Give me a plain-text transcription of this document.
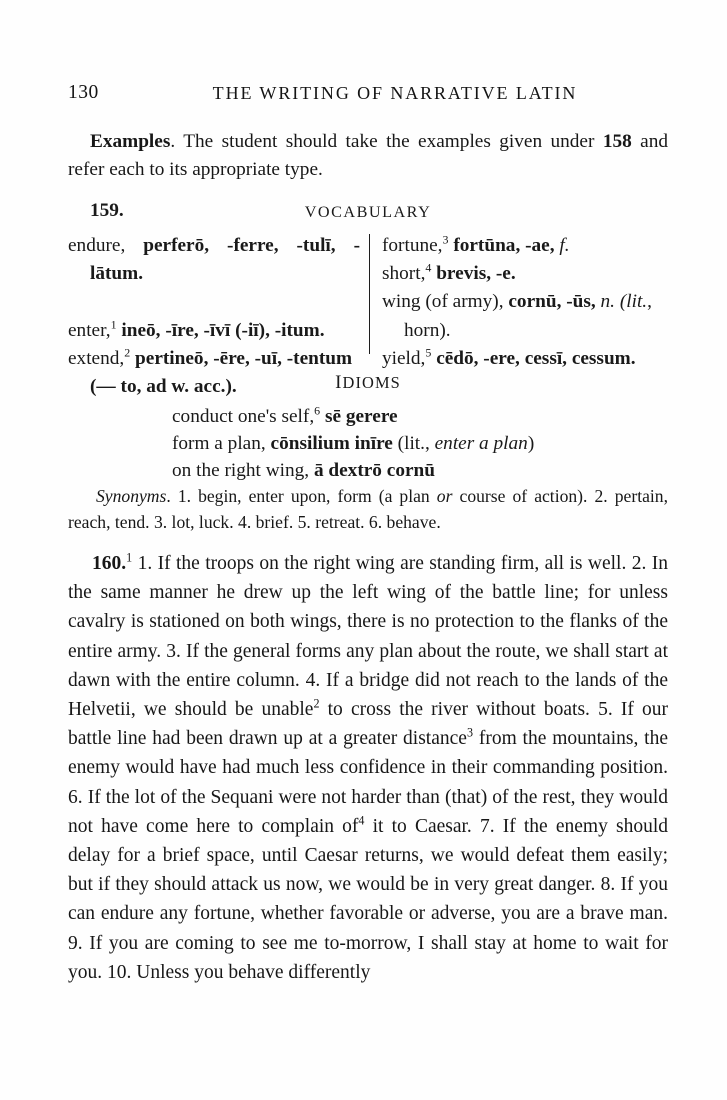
130	THE WRITING OF NARRATIVE LATIN
Examples. The student should take the examples given under 158 and refer each to its appropriate type.
159.	VOCABULARY
endure, perferō, -ferre, -tulī, -lātum.
enter,$^1$ ineō, -īre, -īvī (-iī), -itum.
extend,$^2$ pertineō, -ēre, -uī, -tentum (— to, ad w. acc.).
fortune,$^3$ fortūna, -ae, f.
short,$^4$ brevis, -e.
wing (of army), cornū, -ūs, n. (lit., horn).
yield,$^5$ cēdō, -ere, cessī, cessum.
IDIOMS
conduct one's self,$^6$ sē gerere
form a plan, cōnsilium inīre (lit., enter a plan)
on the right wing, ā dextrō cornū
Synonyms. 1. begin, enter upon, form (a plan or course of action). 2. pertain, reach, tend. 3. lot, luck. 4. brief. 5. retreat. 6. behave.
160.$^1$ 1. If the troops on the right wing are standing firm, all is well. 2. In the same manner he drew up the left wing of the battle line; for unless cavalry is stationed on both wings, there is no protection to the flanks of the entire army. 3. If the general forms any plan about the route, we shall start at dawn with the entire column. 4. If a bridge did not reach to the lands of the Helvetii, we should be unable$^2$ to cross the river without boats. 5. If our battle line had been drawn up at a greater distance$^3$ from the mountains, the enemy would have had much less confidence in their commanding position. 6. If the lot of the Sequani were not harder than (that) of the rest, they would not have come here to complain $of^4$ it to Caesar. 7. If the enemy should delay for a brief space, until Caesar returns, we would defeat them easily; but if they should attack us now, we would be in very great danger. 8. If you can endure any fortune, whether favorable or adverse, you are a brave man. 9. If you are coming to see me to-morrow, I shall stay at home to wait for you. 10. Unless you behave differently
